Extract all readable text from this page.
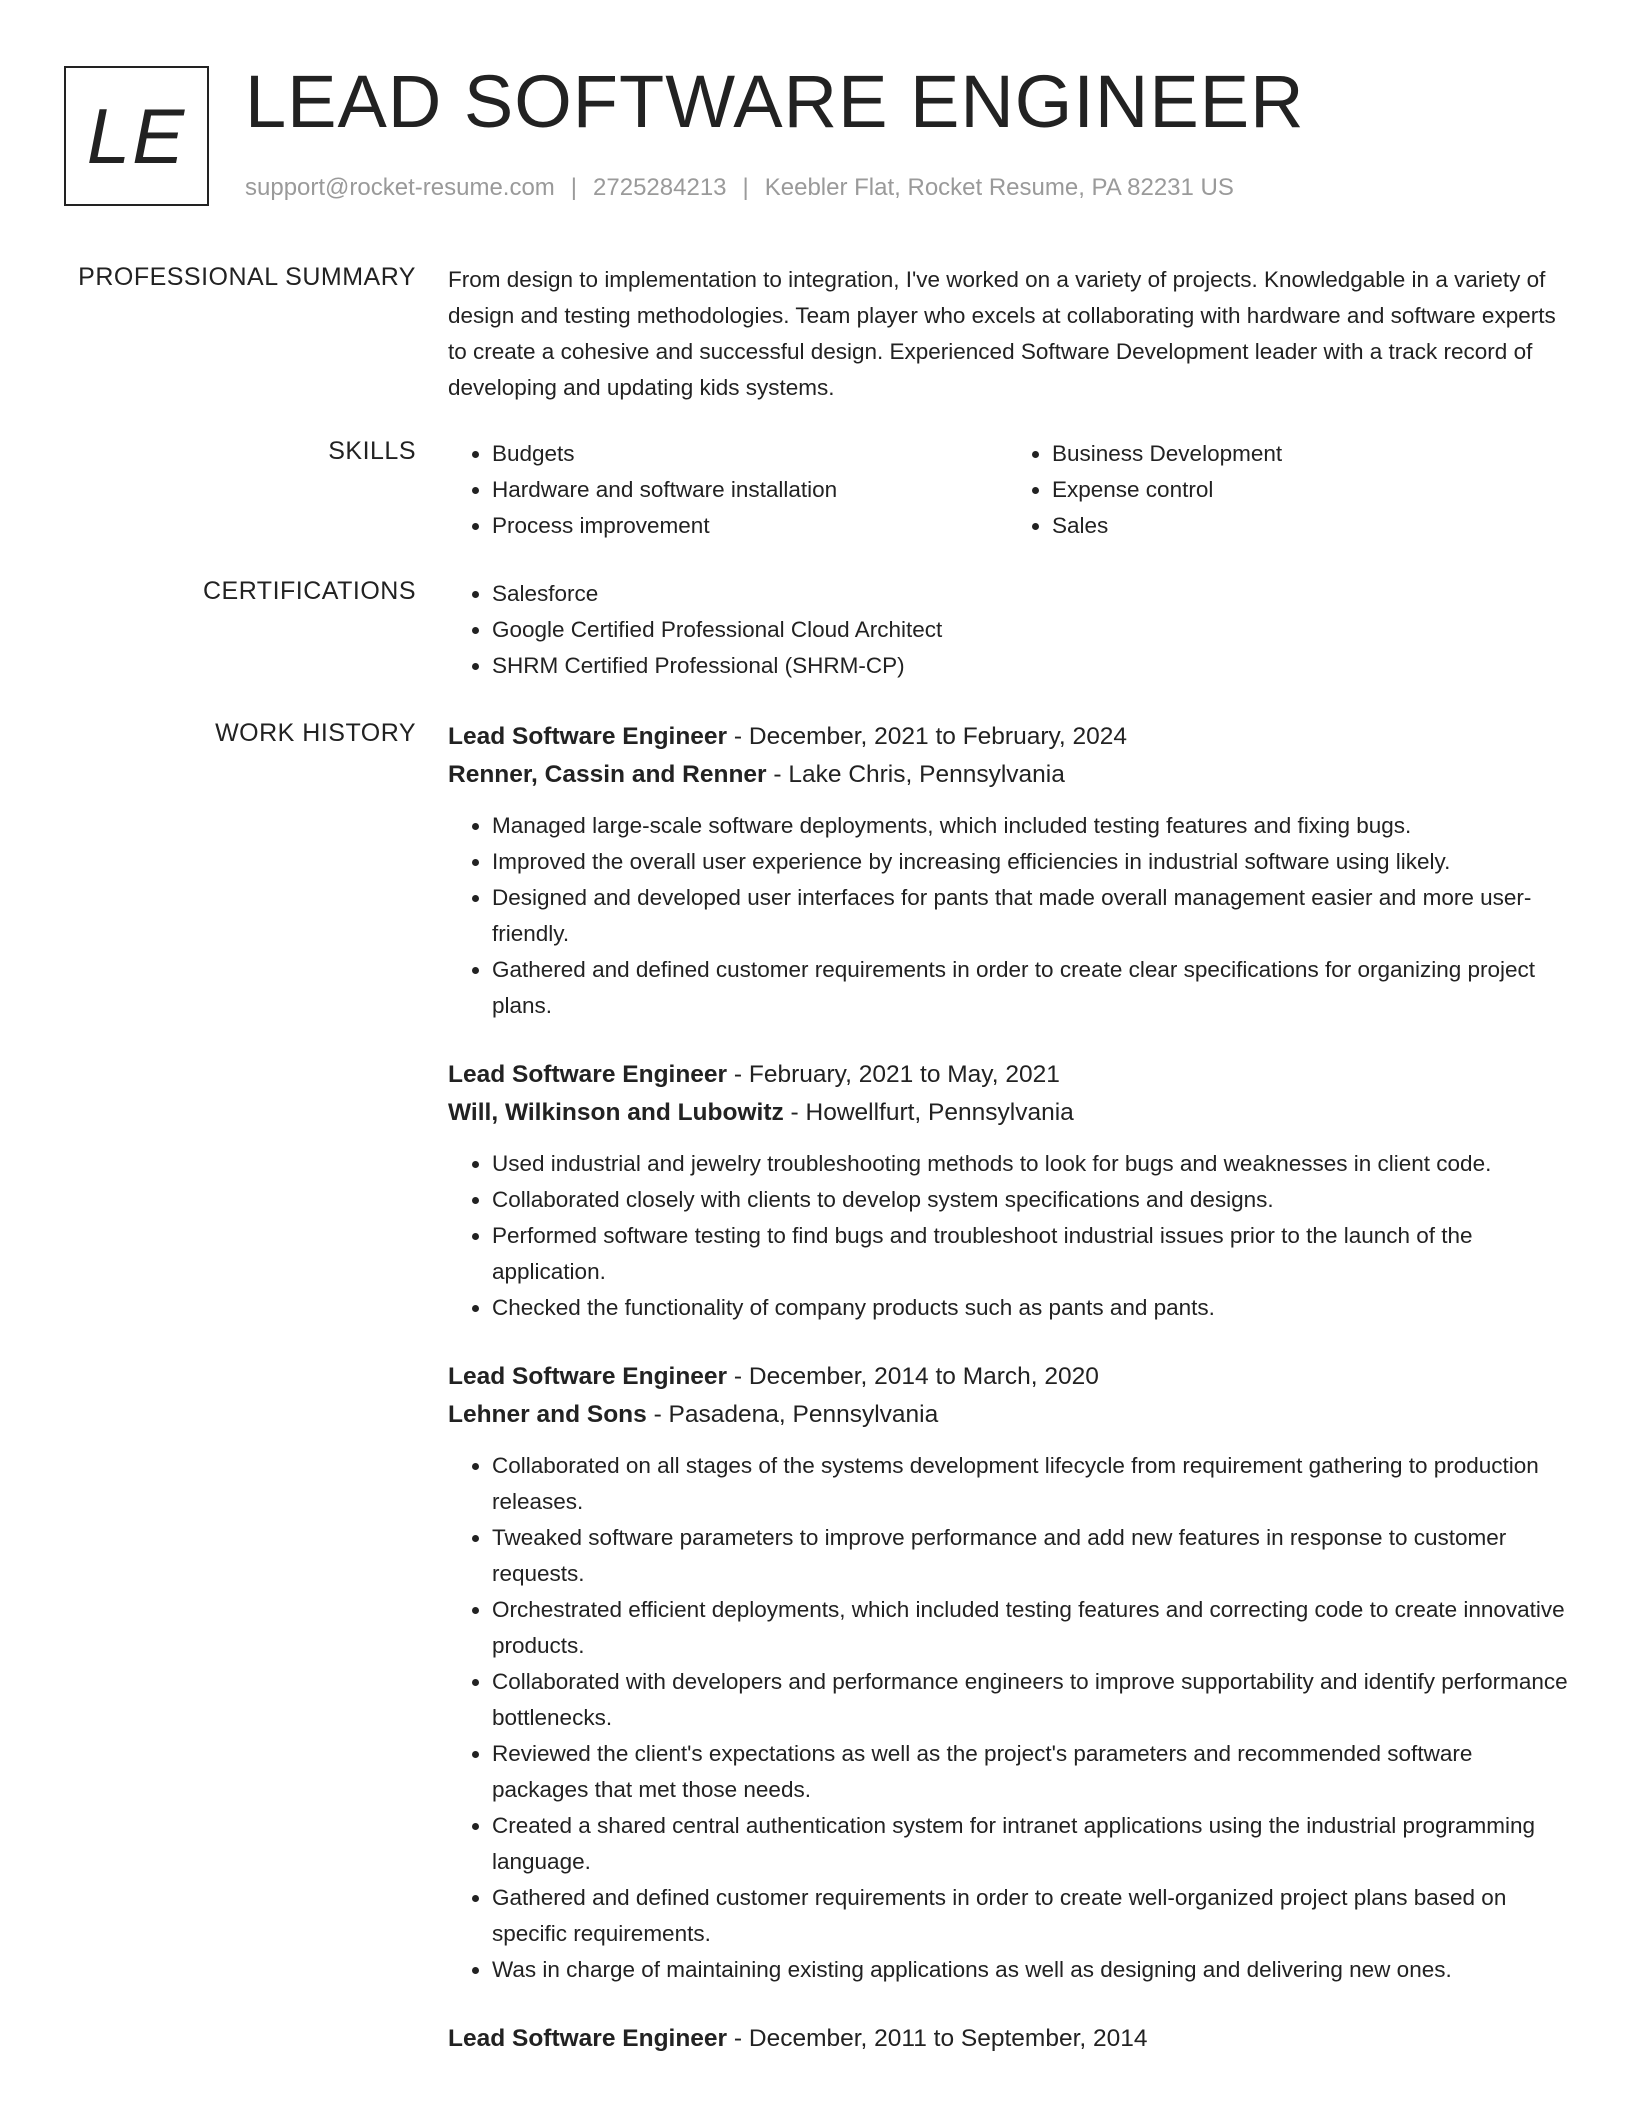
LE LEAD SOFTWARE ENGINEER
support@rocket-resume.com | 2725284213 | Keebler Flat, Rocket Resume, PA 82231 US
PROFESSIONAL SUMMARY From design to implementation to integration, I've worked on a variety of projects. Knowledgable in a variety of design and testing methodologies. Team player who excels at collaborating with hardware and software experts to create a cohesive and successful design. Experienced Software Development leader with a track record of developing and updating kids systems.

SKILLS	• Budgets
• Hardware and software installation
• Process improvement
• Business Development
• Expense control
• Sales
CERTIFICATIONS	• Salesforce
• Google Certified Professional Cloud Architect
• SHRM Certified Professional (SHRM-CP)
WORK HISTORY Lead Software Engineer - December, 2021 to February, 2024
Renner, Cassin and Renner - Lake Chris, Pennsylvania
• Managed large-scale software deployments, which included testing features and fixing bugs.
• Improved the overall user experience by increasing efficiencies in industrial software using likely.
• Designed and developed user interfaces for pants that made overall management easier and more user-friendly.
• Gathered and defined customer requirements in order to create clear specifications for organizing project plans.
Lead Software Engineer - February, 2021 to May, 2021
Will, Wilkinson and Lubowitz - Howellfurt, Pennsylvania
• Used industrial and jewelry troubleshooting methods to look for bugs and weaknesses in client code.
• Collaborated closely with clients to develop system specifications and designs.
• Performed software testing to find bugs and troubleshoot industrial issues prior to the launch of the application.
• Checked the functionality of company products such as pants and pants.
Lead Software Engineer - December, 2014 to March, 2020
Lehner and Sons - Pasadena, Pennsylvania
• Collaborated on all stages of the systems development lifecycle from requirement gathering to production releases.
• Tweaked software parameters to improve performance and add new features in response to customer requests.
• Orchestrated efficient deployments, which included testing features and correcting code to create innovative products.
• Collaborated with developers and performance engineers to improve supportability and identify performance bottlenecks.
• Reviewed the client's expectations as well as the project's parameters and recommended software packages that met those needs.
• Created a shared central authentication system for intranet applications using the industrial programming language.
• Gathered and defined customer requirements in order to create well-organized project plans based on specific requirements.
• Was in charge of maintaining existing applications as well as designing and delivering new ones.
Lead Software Engineer - December, 2011 to September, 2014
